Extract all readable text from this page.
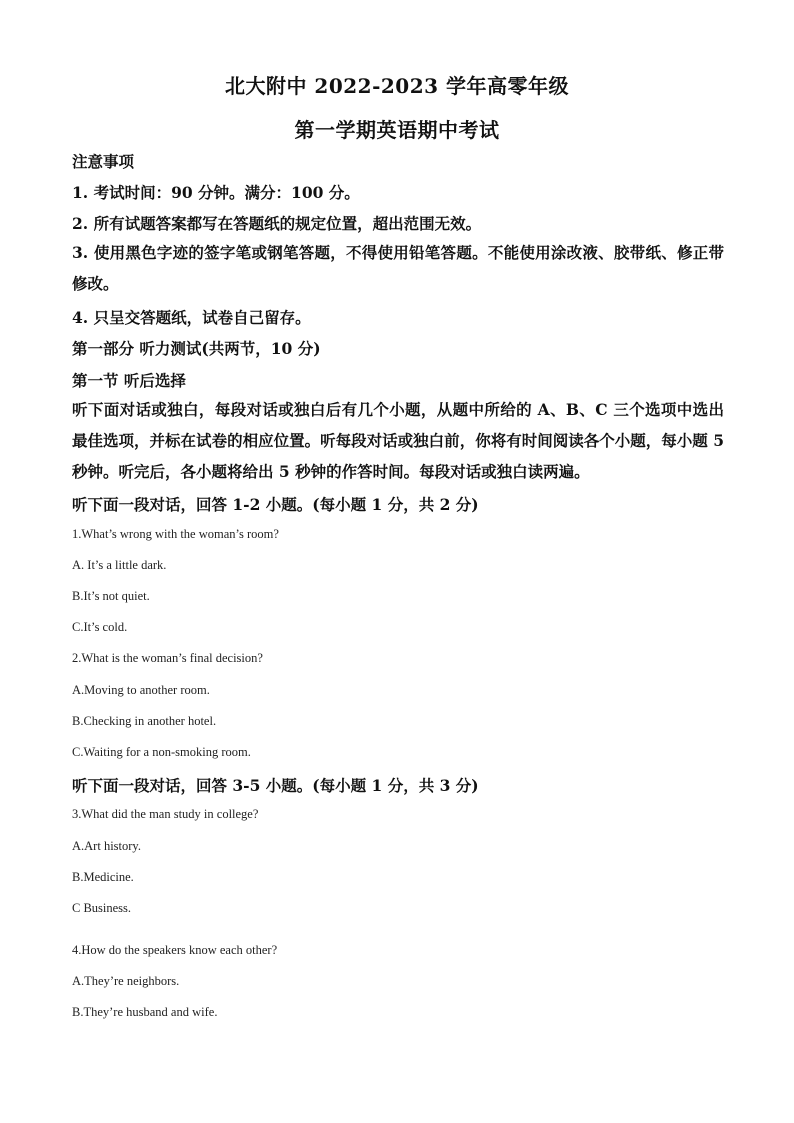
北大附中 2022-2023 学年高零年级
第一学期英语期中考试
注意事项
1. 考试时间：90 分钟。满分：100 分。
2. 所有试题答案都写在答题纸的规定位置，超出范围无效。
3. 使用黑色字迹的签字笔或钢笔答题，不得使用铅笔答题。不能使用涂改液、胶带纸、修正带修改。
4. 只呈交答题纸，试卷自己留存。
第一部分 听力测试(共两节，10 分)
第一节 听后选择
听下面对话或独白，每段对话或独白后有几个小题，从题中所给的 A、B、C 三个选项中选出最佳选项，并标在试卷的相应位置。听每段对话或独白前，你将有时间阅读各个小题，每小题 5 秒钟。听完后，各小题将给出 5 秒钟的作答时间。每段对话或独白读两遍。
听下面一段对话，回答 1-2 小题。(每小题 1 分，共 2 分)
1.What’s wrong with the woman’s room?
A. It’s a little dark.
B.It’s not quiet.
C.It’s cold.
2.What is the woman’s final decision?
A.Moving to another room.
B.Checking in another hotel.
C.Waiting for a non-smoking room.
听下面一段对话，回答 3-5 小题。(每小题 1 分，共 3 分)
3.What did the man study in college?
A.Art history.
B.Medicine.
C Business.
4.How do the speakers know each other?
A.They’re neighbors.
B.They’re husband and wife.
